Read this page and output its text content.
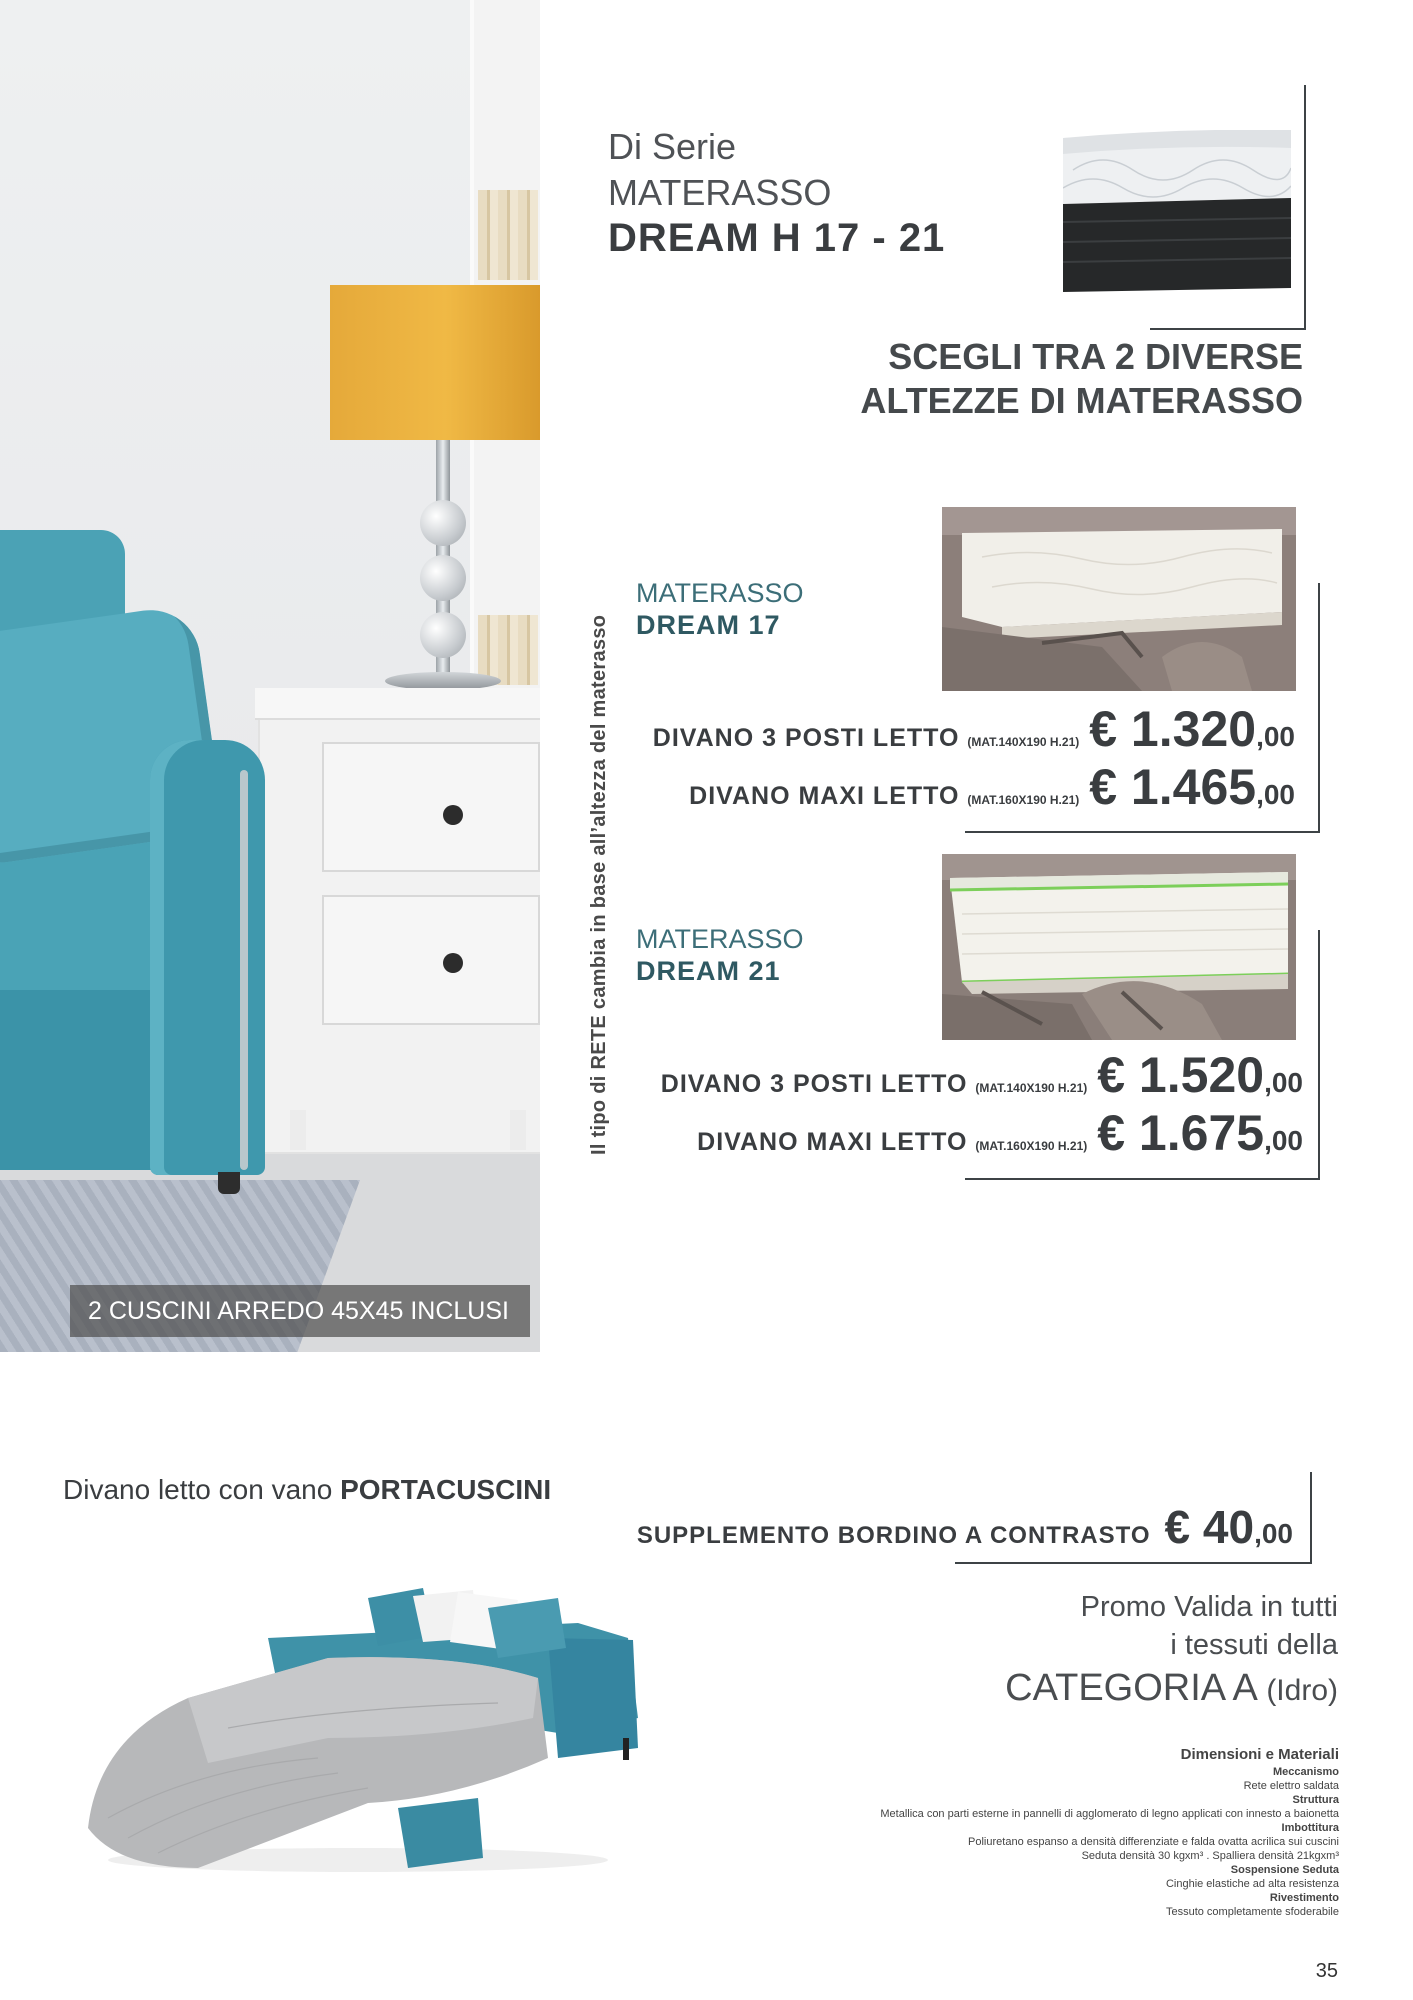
2 CUSCINI ARREDO 45X45 INCLUSI
Il tipo di RETE cambia in base all’altezza del materasso
Di Serie
MATERASSO
DREAM H 17 - 21
SCEGLI TRA 2 DIVERSE
ALTEZZE DI MATERASSO
MATERASSO
DREAM 17
DIVANO 3 POSTI LETTO (MAT.140X190 H.21) € 1.320 ,00
DIVANO MAXI LETTO (MAT.160X190 H.21) € 1.465 ,00
MATERASSO
DREAM 21
DIVANO 3 POSTI LETTO (MAT.140X190 H.21) € 1.520 ,00
DIVANO MAXI LETTO (MAT.160X190 H.21) € 1.675 ,00
Divano letto con vano PORTACUSCINI
SUPPLEMENTO BORDINO A CONTRASTO € 40 ,00
Promo Valida in tutti
i tessuti della
CATEGORIA A (Idro)
Dimensioni e Materiali
Meccanismo
Rete elettro saldata
Struttura
Metallica con parti esterne in pannelli di agglomerato di legno applicati con innesto a baionetta
Imbottitura
Poliuretano espanso a densità differenziate e falda ovatta acrilica sui cuscini
Seduta densità 30 kgxm³ . Spalliera densità 21kgxm³
Sospensione Seduta
Cinghie elastiche ad alta resistenza
Rivestimento
Tessuto completamente sfoderabile
35
